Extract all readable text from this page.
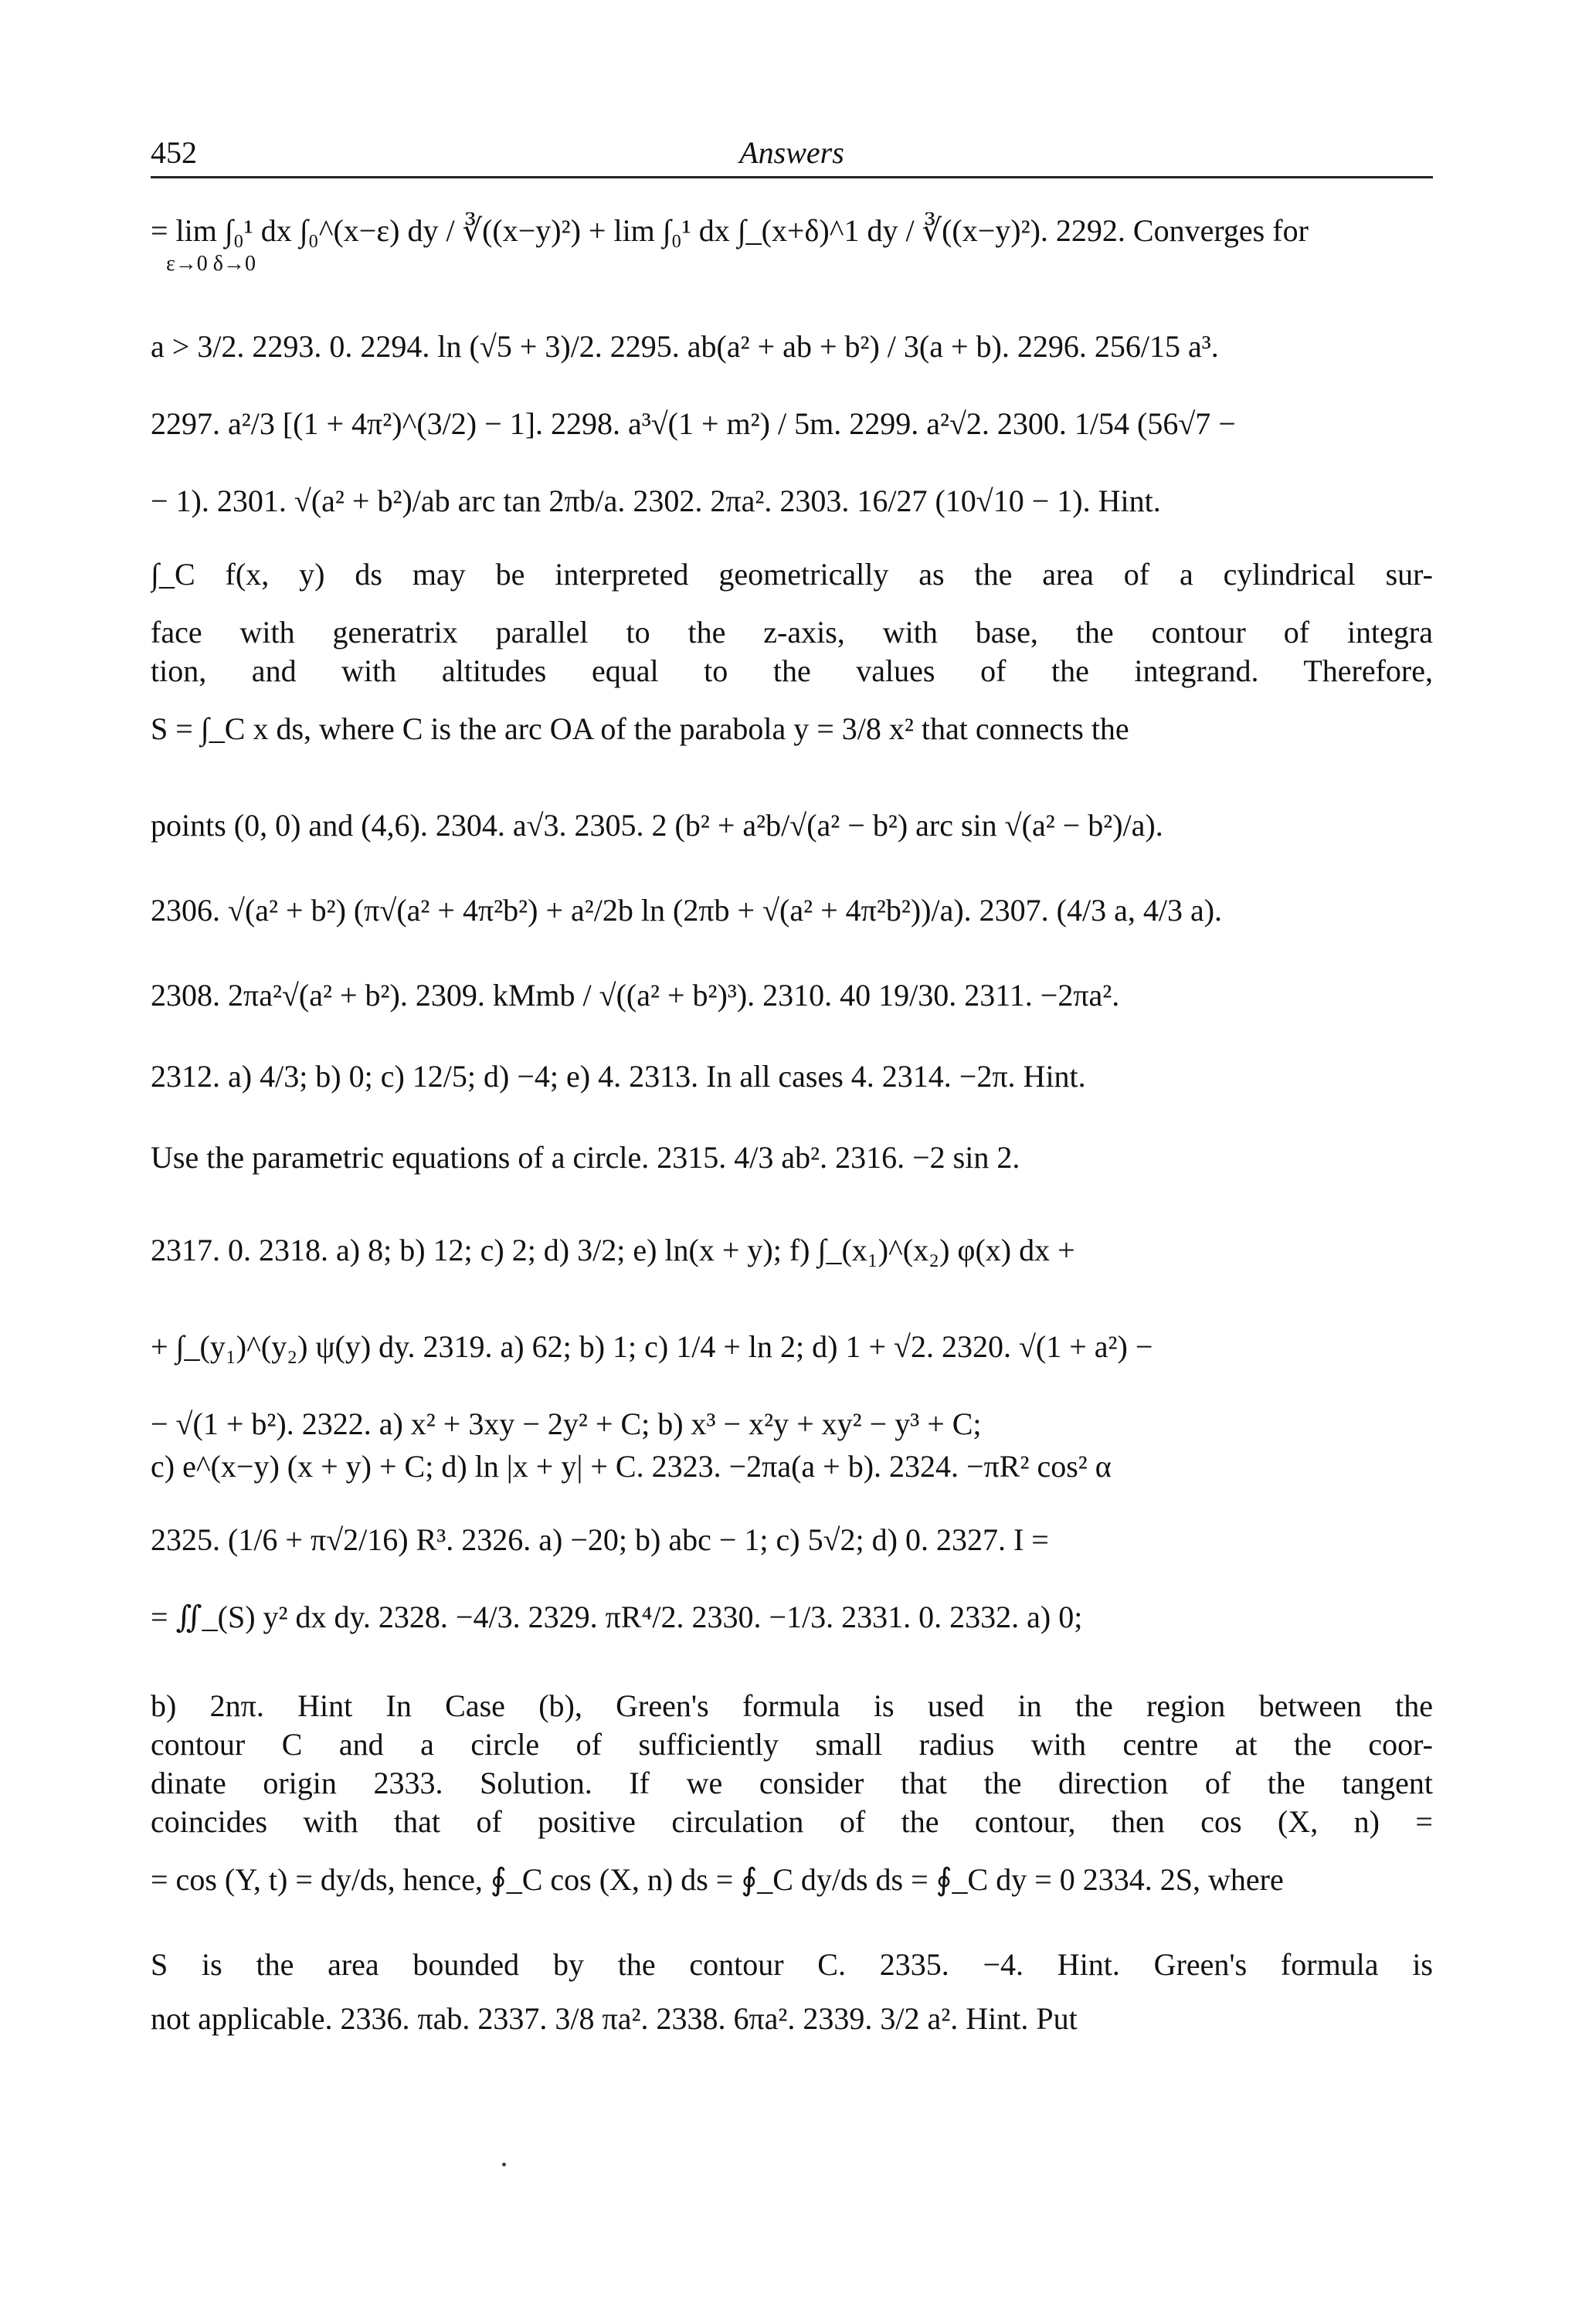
452	Answers
= lim ∫₀¹ dx ∫₀^(x−ε) dy / ∛((x−y)²) + lim ∫₀¹ dx ∫_(x+δ)^1 dy / ∛((x−y)²). 2292. Converges for
ε→0 δ→0
a > 3/2. 2293. 0. 2294. ln (√5 + 3)/2. 2295. ab(a² + ab + b²) / 3(a + b). 2296. 256/15 a³.
2297. a²/3 [(1 + 4π²)^(3/2) − 1]. 2298. a³√(1 + m²) / 5m. 2299. a²√2. 2300. 1/54 (56√7 −
− 1). 2301. √(a² + b²)/ab arc tan 2πb/a. 2302. 2πa². 2303. 16/27 (10√10 − 1). Hint.
∫_C f(x, y) ds may be interpreted geometrically as the area of a cylindrical sur-
face with generatrix parallel to the z-axis, with base, the contour of integra
tion, and with altitudes equal to the values of the integrand. Therefore,
S = ∫_C x ds, where C is the arc OA of the parabola y = 3/8 x² that connects the
points (0, 0) and (4,6). 2304. a√3. 2305. 2 (b² + a²b/√(a² − b²) arc sin √(a² − b²)/a).
2306. √(a² + b²) (π√(a² + 4π²b²) + a²/2b ln (2πb + √(a² + 4π²b²))/a). 2307. (4/3 a, 4/3 a).
2308. 2πa²√(a² + b²). 2309. kMmb / √((a² + b²)³). 2310. 40 19/30. 2311. −2πa².
2312. a) 4/3; b) 0; c) 12/5; d) −4; e) 4. 2313. In all cases 4. 2314. −2π. Hint.
Use the parametric equations of a circle. 2315. 4/3 ab². 2316. −2 sin 2.
2317. 0. 2318. a) 8; b) 12; c) 2; d) 3/2; e) ln(x + y); f) ∫_(x₁)^(x₂) φ(x) dx +
+ ∫_(y₁)^(y₂) ψ(y) dy. 2319. a) 62; b) 1; c) 1/4 + ln 2; d) 1 + √2. 2320. √(1 + a²) −
− √(1 + b²). 2322. a) x² + 3xy − 2y² + C; b) x³ − x²y + xy² − y³ + C;
c) e^(x−y) (x + y) + C; d) ln |x + y| + C. 2323. −2πa(a + b). 2324. −πR² cos² α
2325. (1/6 + π√2/16) R³. 2326. a) −20; b) abc − 1; c) 5√2; d) 0. 2327. I =
= ∬_(S) y² dx dy. 2328. −4/3. 2329. πR⁴/2. 2330. −1/3. 2331. 0. 2332. a) 0;
b) 2nπ. Hint In Case (b), Green's formula is used in the region between the
contour C and a circle of sufficiently small radius with centre at the coor-
dinate origin 2333. Solution. If we consider that the direction of the tangent
coincides with that of positive circulation of the contour, then cos (X, n) =
= cos (Y, t) = dy/ds, hence, ∮_C cos (X, n) ds = ∮_C dy/ds ds = ∮_C dy = 0 2334. 2S, where
S is the area bounded by the contour C. 2335. −4. Hint. Green's formula is
not applicable. 2336. πab. 2337. 3/8 πa². 2338. 6πa². 2339. 3/2 a². Hint. Put
